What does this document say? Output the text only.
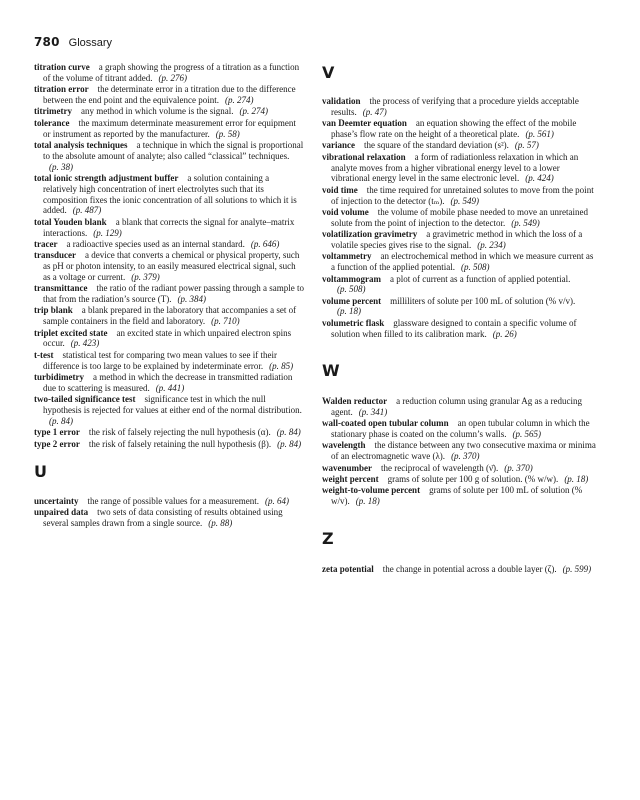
780 Glossary

titration curve  a graph showing the progress of a titration as a function of the volume of titrant added. (p. 276)

titration error  the determinate error in a titration due to the difference between the end point and the equivalence point. (p. 274)

titrimetry  any method in which volume is the signal. (p. 274)

tolerance  the maximum determinate measurement error for equipment or instrument as reported by the manufacturer. (p. 58)

total analysis techniques  a technique in which the signal is proportional to the absolute amount of analyte; also called “classical” techniques.(p. 38)

total ionic strength adjustment buffer  a solution containing a relatively high concentration of inert electrolytes such that its composition fixes the ionic concentration of all solutions to which it is added. (p. 487)

total Youden blank  a blank that corrects the signal for analyte–matrix interactions. (p. 129)

tracer  a radioactive species used as an internal standard. (p. 646)

transducer  a device that converts a chemical or physical property, such as pH or photon intensity, to an easily measured electrical signal, such as a voltage or current. (p. 379)

transmittance  the ratio of the radiant power passing through a sample to that from the radiation’s source (T). (p. 384)

trip blank  a blank prepared in the laboratory that accompanies a set of sample containers in the field and laboratory. (p. 710)

triplet excited state  an excited state in which unpaired electron spins occur. (p. 423)

t-test  statistical test for comparing two mean values to see if their difference is too large to be explained by indeterminate error. (p. 85)

turbidimetry  a method in which the decrease in transmitted radiation due to scattering is measured. (p. 441)

two-tailed significance test  significance test in which the null hypothesis is rejected for values at either end of the normal distribution.(p. 84)

type 1 error  the risk of falsely rejecting the null hypothesis (α). (p. 84)

type 2 error  the risk of falsely retaining the null hypothesis (β). (p. 84)

U

uncertainty  the range of possible values for a measurement. (p. 64)

unpaired data  two sets of data consisting of results obtained using several samples drawn from a single source. (p. 88)

V

validation  the process of verifying that a procedure yields acceptable results. (p. 47)

van Deemter equation  an equation showing the effect of the mobile phase’s flow rate on the height of a theoretical plate. (p. 561)

variance  the square of the standard deviation (s²). (p. 57)

vibrational relaxation  a form of radiationless relaxation in which an analyte moves from a higher vibrational energy level to a lower vibrational energy level in the same electronic level. (p. 424)

void time  the time required for unretained solutes to move from the point of injection to the detector (tₘ). (p. 549)

void volume  the volume of mobile phase needed to move an unretained solute from the point of injection to the detector. (p. 549)

volatilization gravimetry  a gravimetric method in which the loss of a volatile species gives rise to the signal. (p. 234)

voltammetry  an electrochemical method in which we measure current as a function of the applied potential. (p. 508)

voltammogram  a plot of current as a function of applied potential.(p. 508)

volume percent  milliliters of solute per 100 mL of solution (% v/v).(p. 18)

volumetric flask  glassware designed to contain a specific volume of solution when filled to its calibration mark. (p. 26)

W

Walden reductor  a reduction column using granular Ag as a reducing agent. (p. 341)

wall-coated open tubular column  an open tubular column in which the stationary phase is coated on the column’s walls. (p. 565)

wavelength  the distance between any two consecutive maxima or minima of an electromagnetic wave (λ). (p. 370)

wavenumber  the reciprocal of wavelength (ν̄). (p. 370)

weight percent  grams of solute per 100 g of solution. (% w/w). (p. 18)

weight-to-volume percent  grams of solute per 100 mL of solution (% w/v). (p. 18)

Z

zeta potential  the change in potential across a double layer (ζ). (p. 599)
